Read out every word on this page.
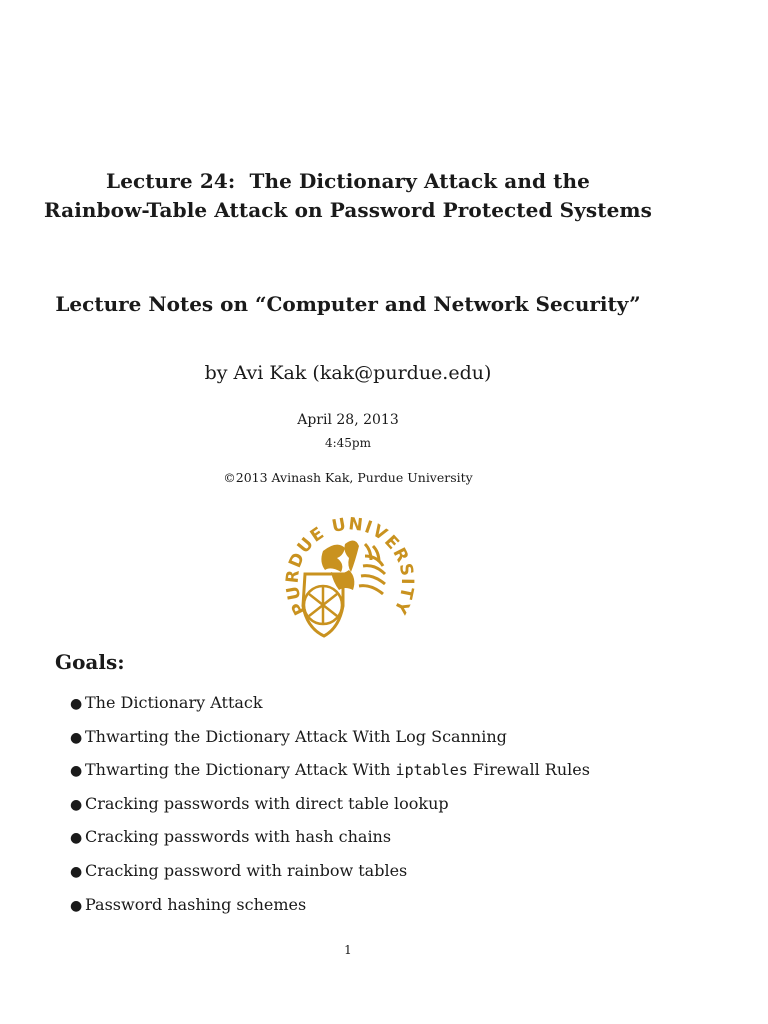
Lecture 24:  The Dictionary Attack and the
Rainbow-Table Attack on Password Protected Systems
Lecture Notes on “Computer and Network Security”
by Avi Kak (kak@purdue.edu)
April 28, 2013
4:45pm
©2013 Avinash Kak, Purdue University
PURDUE UNIVERSITY
Goals:
● The Dictionary Attack
● Thwarting the Dictionary Attack With Log Scanning
● Thwarting the Dictionary Attack With iptables Firewall Rules
● Cracking passwords with direct table lookup
● Cracking passwords with hash chains
● Cracking password with rainbow tables
● Password hashing schemes
1
